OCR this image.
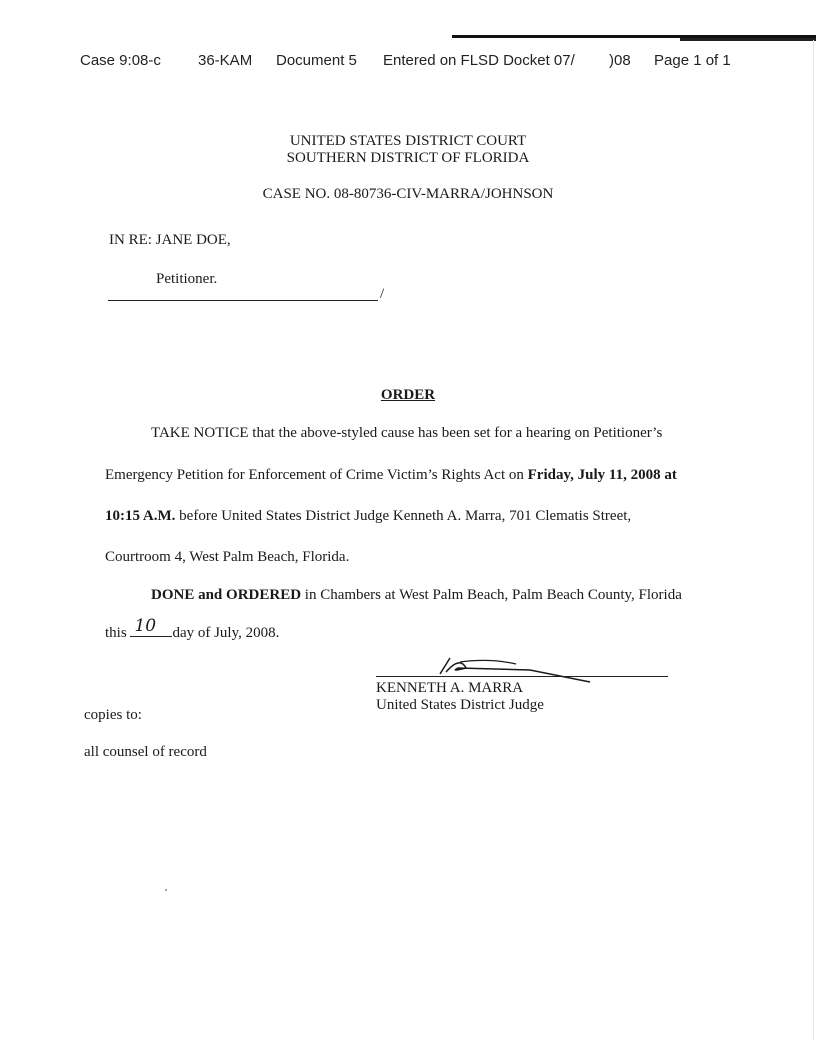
Case 9:08-c 36-KAM Document 5 Entered on FLSD Docket 07/ )08 Page 1 of 1
UNITED STATES DISTRICT COURT
SOUTHERN DISTRICT OF FLORIDA
CASE NO. 08-80736-CIV-MARRA/JOHNSON
IN RE: JANE DOE,
Petitioner.
/
ORDER
TAKE NOTICE that the above-styled cause has been set for a hearing on Petitioner’s
Emergency Petition for Enforcement of Crime Victim’s Rights Act on Friday, July 11, 2008 at
10:15 A.M. before United States District Judge Kenneth A. Marra, 701 Clematis Street,
Courtroom 4, West Palm Beach, Florida.
DONE and ORDERED in Chambers at West Palm Beach, Palm Beach County, Florida
this 10 day of July, 2008.
KENNETH A. MARRA
United States District Judge
copies to:
all counsel of record
